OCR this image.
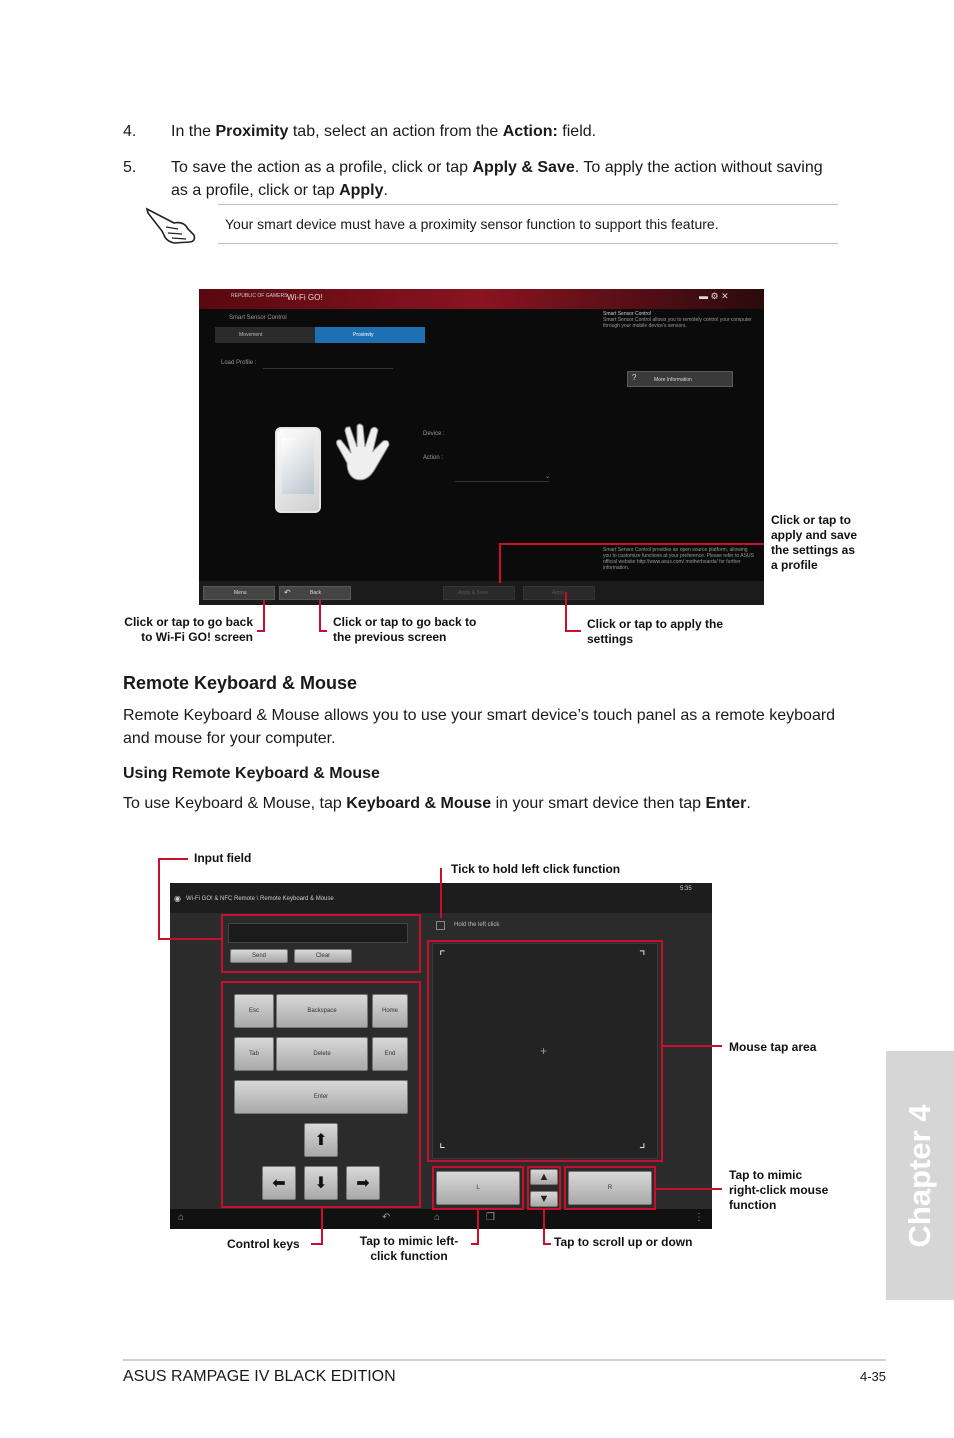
4. In the Proximity tab, select an action from the Action: field.
5. To save the action as a profile, click or tap Apply & Save. To apply the action without saving as a profile, click or tap Apply.
Your smart device must have a proximity sensor function to support this feature.
REPUBLIC OF GAMERS Wi-Fi GO!	▬ ⚙ ✕
Smart Sensor Control
Movement	Proximity
Load Profile :
Device :
Action :
⌄
Smart Sensor Control
Smart Sensor Control allows you to remotely control your computer through your mobile device's sensors.
?	More Information
Smart Sensor Control provides an open source platform, allowing you to customize functions at your preference. Please refer to ASUS official website http://www.asus.com/ motherboards/ for further information.
Menu	↶	Back	Apply & Save	Apply
Click or tap to
apply and save
the settings as
a profile
Click or tap to go back
to Wi-Fi GO! screen
Click or tap to go back to
the previous screen
Click or tap to apply the
settings
Remote Keyboard & Mouse
Remote Keyboard & Mouse allows you to use your smart device’s touch panel as a remote keyboard and mouse for your computer.
Using Remote Keyboard & Mouse
To use Keyboard & Mouse, tap Keyboard & Mouse in your smart device then tap Enter.
◉ Wi-Fi GO! & NFC Remote \ Remote Keyboard & Mouse
5:35
Send	Clear
Hold the left click
⌜	⌝
⌞	⌟
+
Esc	Backspace	Home
Tab	Delete	End
Enter
⬆
⬅	⬇	➡	L
▲
▼
R
⌂	↶	⌂	❐	⋮
Input field
Tick to hold left click function
Mouse tap area
Tap to mimic
right-click mouse
function
Control keys	Tap to mimic left-
click function
Tap to scroll up or down	Chapter 4
ASUS RAMPAGE IV BLACK EDITION	4-35
